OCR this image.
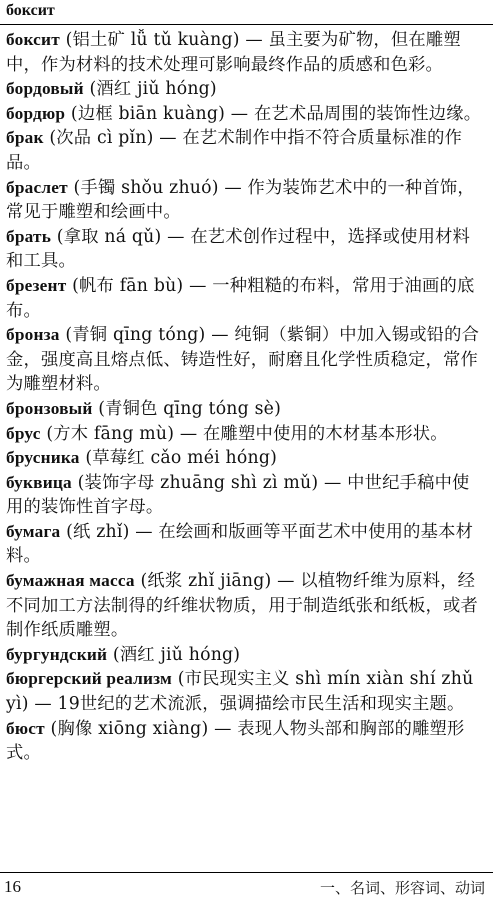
боксит

боксит (铝土矿 lǚ tǔ kuàng) — 虽主要为矿物，但在雕塑中，作为材料的技术处理可影响最终作品的质感和色彩。

бордовый (酒红 jiǔ hóng)

бордюр (边框 biān kuàng) — 在艺术品周围的装饰性边缘。

брак (次品 cì pǐn) — 在艺术制作中指不符合质量标准的作品。

браслет (手镯 shǒu zhuó) — 作为装饰艺术中的一种首饰，常见于雕塑和绘画中。

брать (拿取 ná qǔ) — 在艺术创作过程中，选择或使用材料和工具。

брезент (帆布 fān bù) — 一种粗糙的布料，常用于油画的底布。

бронза (青铜 qīng tóng) — 纯铜（紫铜）中加入锡或铅的合金，强度高且熔点低、铸造性好，耐磨且化学性质稳定，常作为雕塑材料。

бронзовый (青铜色 qīng tóng sè)

брус (方木 fāng mù) — 在雕塑中使用的木材基本形状。

брусника (草莓红 cǎo méi hóng)

буквица (装饰字母 zhuāng shì zì mǔ) — 中世纪手稿中使用的装饰性首字母。

бумага (纸 zhǐ) — 在绘画和版画等平面艺术中使用的基本材料。

бумажная масса (纸浆 zhǐ jiāng) — 以植物纤维为原料，经不同加工方法制得的纤维状物质，用于制造纸张和纸板，或者制作纸质雕塑。

бургундский (酒红 jiǔ hóng)

бюргерский реализм (市民现实主义 shì mín xiàn shí zhǔ yì) — 19世纪的艺术流派，强调描绘市民生活和现实主题。

бюст (胸像 xiōng xiàng) — 表现人物头部和胸部的雕塑形式。

16	一、名词、形容词、动词
